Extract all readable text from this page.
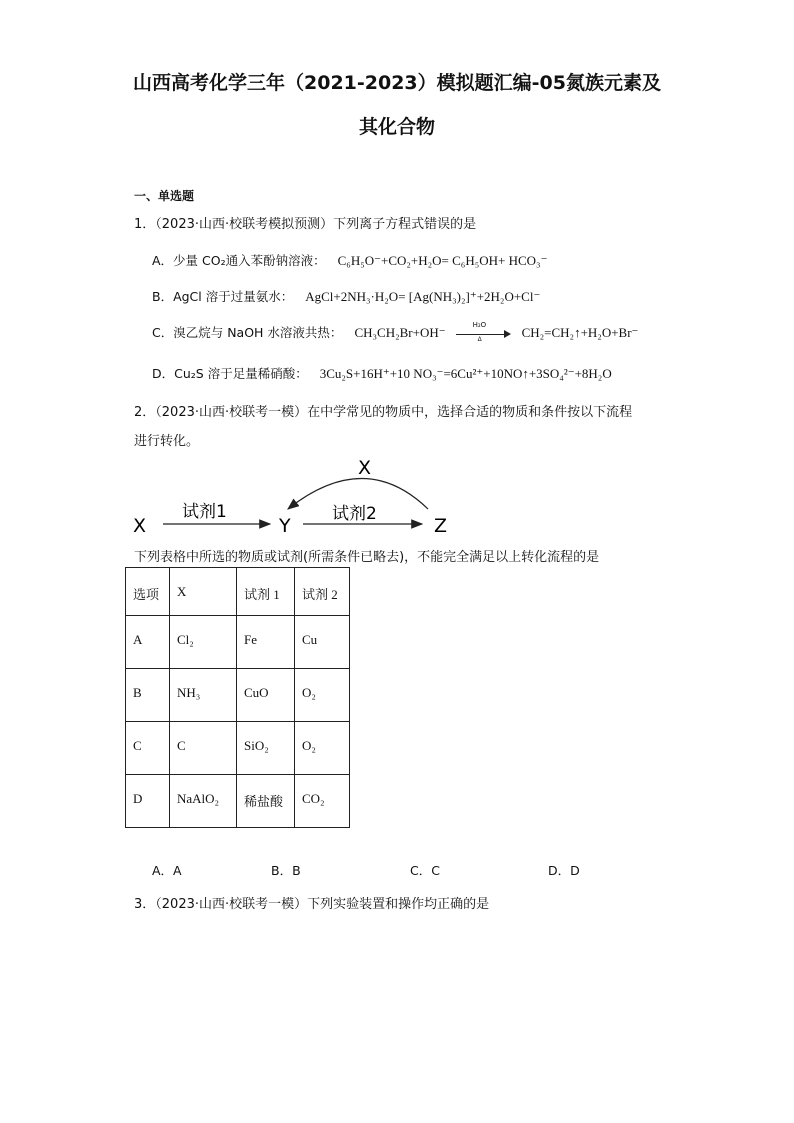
山西高考化学三年（2021-2023）模拟题汇编-05氮族元素及
其化合物
一、单选题
1．（2023·山西·校联考模拟预测）下列离子方程式错误的是
A．少量 CO₂通入苯酚钠溶液： C₆H₅O⁻+CO₂+H₂O= C₆H₅OH+ HCO₃⁻
B．AgCl 溶于过量氨水： AgCl+2NH₃·H₂O= [Ag(NH₃)₂]⁺+2H₂O+Cl⁻
C．溴乙烷与 NaOH 水溶液共热： $CH_3CH_2Br+OH^- \frac{\text{H₂O}}{\Delta}$ CH₂=CH₂↑+H₂O+Br⁻
D．Cu₂S 溶于足量稀硝酸： 3Cu₂S+16H⁺+10 NO₃⁻=6Cu²⁺+10NO↑+3SO₄²⁻+8H₂O
2．（2023·山西·校联考一模）在中学常见的物质中，选择合适的物质和条件按以下流程
进行转化。
X
试剂1
Y
试剂2
Z
X
下列表格中所选的物质或试剂(所需条件已略去)，不能完全满足以上转化流程的是
选项	X	试剂 1	试剂 2
A	Cl₂	Fe	Cu
B	NH₃	CuO	O₂
C	C	SiO₂	O₂
D	NaAlO₂	稀盐酸	CO₂
A．A	B．B	C．C	D．D
3．（2023·山西·校联考一模）下列实验装置和操作均正确的是
